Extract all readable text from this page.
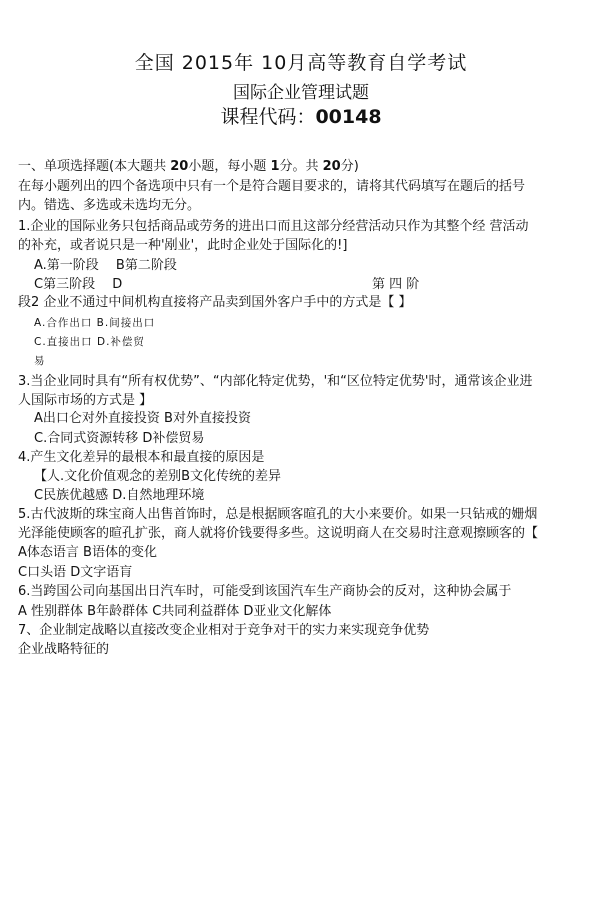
全国 2015年 10月高等教育自学考试
国际企业管理试题
课程代码：00148
一、单项选择题(本大题共 20小题，每小题 1分。共 20分)
在每小题列出的四个备选项中只有一个是符合题目要求的，请将其代码填写在题后的括号
内。错选、多选或未选均无分。
1.企业的国际业务只包括商品或劳务的进出口而且这部分经营活动只作为其整个经 营活动
的补充，或者说只是一种'剐业'，此时企业处于国际化的!]
A.第一阶段　 B第二阶段
C第三阶段　 D	第 四 阶
段2 企业不通过中间机构直接将产品卖到国外客户手中的方式是【 】
A.合作出口 B.间接出口
C.直接出口 D.补偿贸
易
3.当企业同时具有“所有权优势”、“内部化特定优势，'和“区位特定优势'时，通常该企业进
人国际市场的方式是 】
A出口仑对外直接投资 B对外直接投资
C.合同式资源转移 D补偿贸易
4.产生文化差异的最根本和最直接的原因是
【人.文化价值观念的差别B文化传统的差异
C民族优越感 D.自然地理环境
5.古代波斯的珠宝商人出售首饰时，总是根据顾客暄孔的大小来要价。如果一只钻戒的姗烟
光泽能使顾客的暄孔扩张，商人就将价钱要得多些。这说明商人在交易时注意观擦顾客的【
A体态语言 B语体的变化
C口头语 D文字语肓
6.当跨国公司向基国出日汽车时，可能受到该国汽车生产商协会的反对，这种协会属于
A 性别群体 B年龄群体 C共同利益群体 D亚业文化解体
7、企业制定战略以直接改变企业相对于竞争对干的实力来实现竞争优势
企业战略特征的
